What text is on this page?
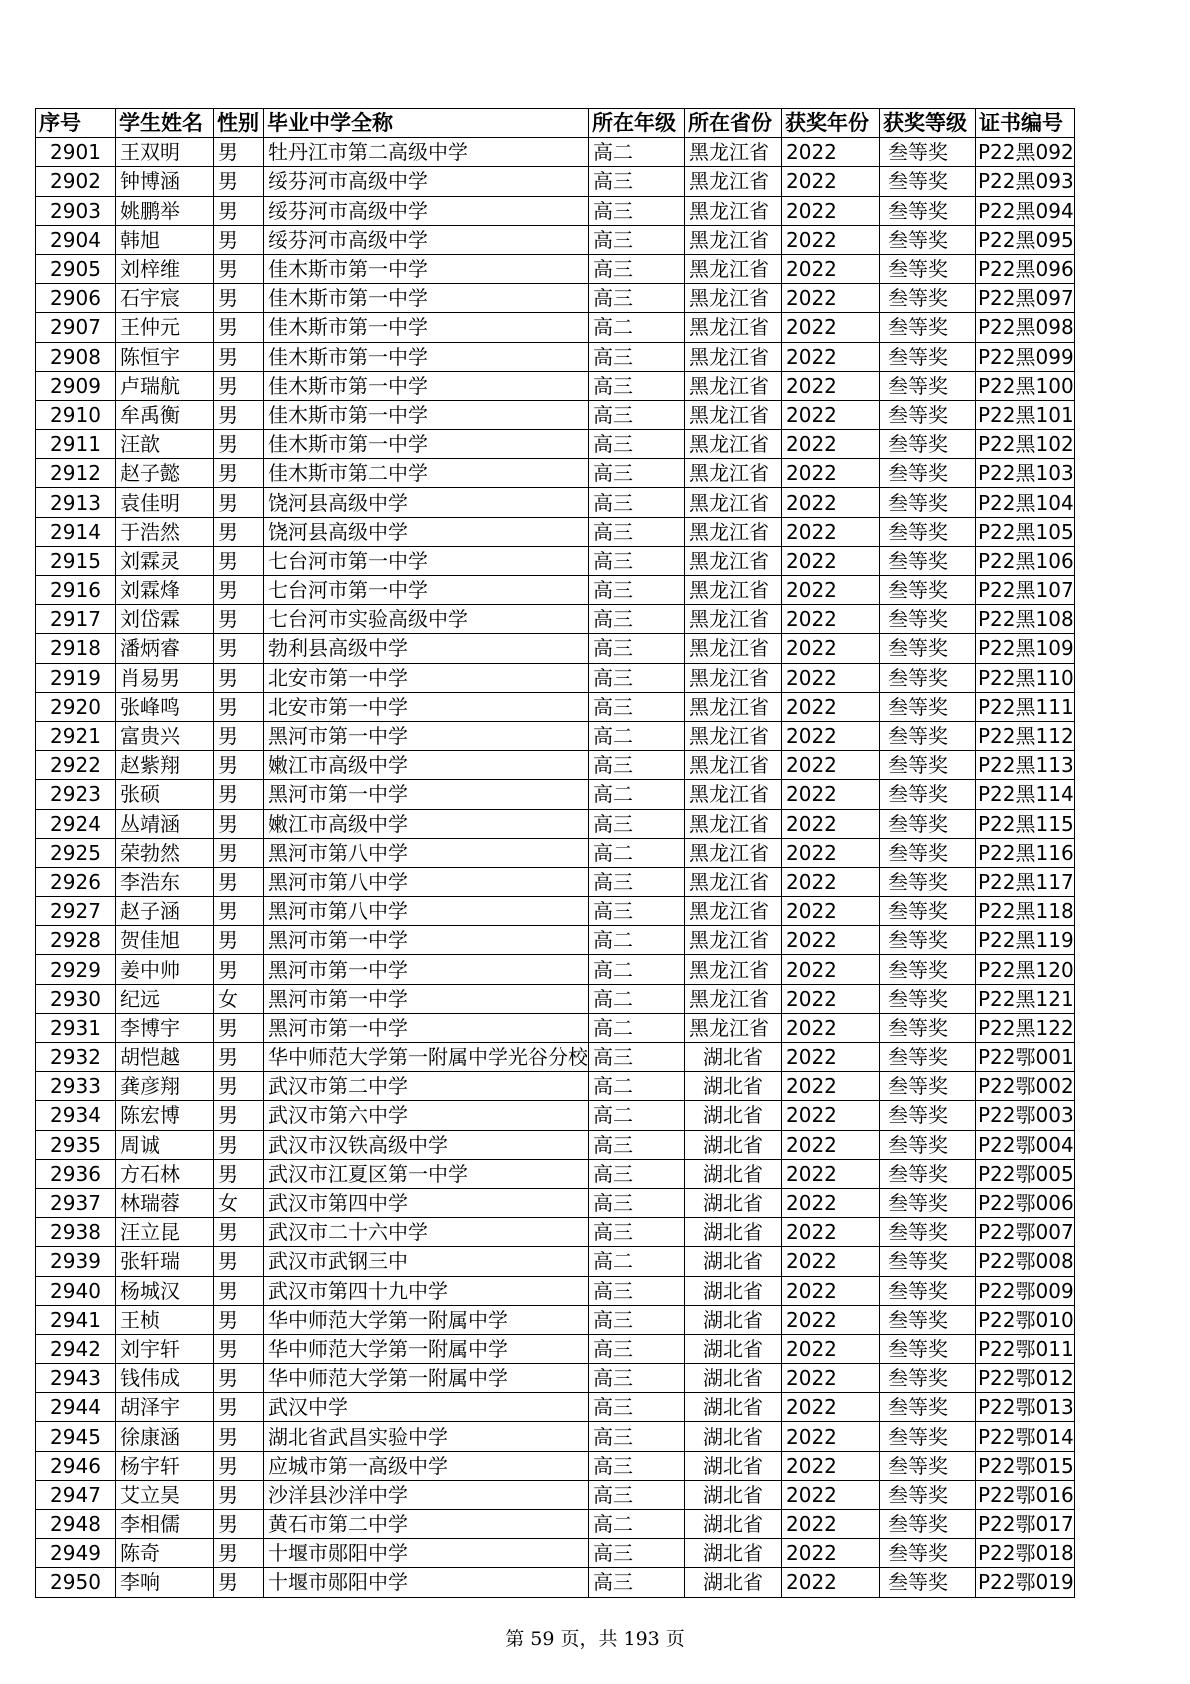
序号	学生姓名	性别	毕业中学全称	所在年级	所在省份	获奖年份	获奖等级	证书编号
2901	王双明	男	牡丹江市第二高级中学	高二	黑龙江省	2022	叁等奖	P22黑092
2902	钟博涵	男	绥芬河市高级中学	高三	黑龙江省	2022	叁等奖	P22黑093
2903	姚鹏举	男	绥芬河市高级中学	高三	黑龙江省	2022	叁等奖	P22黑094
2904	韩旭	男	绥芬河市高级中学	高三	黑龙江省	2022	叁等奖	P22黑095
2905	刘梓维	男	佳木斯市第一中学	高三	黑龙江省	2022	叁等奖	P22黑096
2906	石宇宸	男	佳木斯市第一中学	高三	黑龙江省	2022	叁等奖	P22黑097
2907	王仲元	男	佳木斯市第一中学	高二	黑龙江省	2022	叁等奖	P22黑098
2908	陈恒宇	男	佳木斯市第一中学	高三	黑龙江省	2022	叁等奖	P22黑099
2909	卢瑞航	男	佳木斯市第一中学	高三	黑龙江省	2022	叁等奖	P22黑100
2910	牟禹衡	男	佳木斯市第一中学	高三	黑龙江省	2022	叁等奖	P22黑101
2911	汪歆	男	佳木斯市第一中学	高三	黑龙江省	2022	叁等奖	P22黑102
2912	赵子懿	男	佳木斯市第二中学	高三	黑龙江省	2022	叁等奖	P22黑103
2913	袁佳明	男	饶河县高级中学	高三	黑龙江省	2022	叁等奖	P22黑104
2914	于浩然	男	饶河县高级中学	高三	黑龙江省	2022	叁等奖	P22黑105
2915	刘霖灵	男	七台河市第一中学	高三	黑龙江省	2022	叁等奖	P22黑106
2916	刘霖烽	男	七台河市第一中学	高三	黑龙江省	2022	叁等奖	P22黑107
2917	刘岱霖	男	七台河市实验高级中学	高三	黑龙江省	2022	叁等奖	P22黑108
2918	潘炳睿	男	勃利县高级中学	高三	黑龙江省	2022	叁等奖	P22黑109
2919	肖易男	男	北安市第一中学	高三	黑龙江省	2022	叁等奖	P22黑110
2920	张峰鸣	男	北安市第一中学	高三	黑龙江省	2022	叁等奖	P22黑111
2921	富贵兴	男	黑河市第一中学	高二	黑龙江省	2022	叁等奖	P22黑112
2922	赵紫翔	男	嫩江市高级中学	高三	黑龙江省	2022	叁等奖	P22黑113
2923	张硕	男	黑河市第一中学	高二	黑龙江省	2022	叁等奖	P22黑114
2924	丛靖涵	男	嫩江市高级中学	高三	黑龙江省	2022	叁等奖	P22黑115
2925	荣勃然	男	黑河市第八中学	高二	黑龙江省	2022	叁等奖	P22黑116
2926	李浩东	男	黑河市第八中学	高三	黑龙江省	2022	叁等奖	P22黑117
2927	赵子涵	男	黑河市第八中学	高三	黑龙江省	2022	叁等奖	P22黑118
2928	贺佳旭	男	黑河市第一中学	高二	黑龙江省	2022	叁等奖	P22黑119
2929	姜中帅	男	黑河市第一中学	高二	黑龙江省	2022	叁等奖	P22黑120
2930	纪远	女	黑河市第一中学	高二	黑龙江省	2022	叁等奖	P22黑121
2931	李博宇	男	黑河市第一中学	高二	黑龙江省	2022	叁等奖	P22黑122
2932	胡恺越	男	华中师范大学第一附属中学光谷分校	高三	湖北省	2022	叁等奖	P22鄂001
2933	龚彦翔	男	武汉市第二中学	高二	湖北省	2022	叁等奖	P22鄂002
2934	陈宏博	男	武汉市第六中学	高二	湖北省	2022	叁等奖	P22鄂003
2935	周诚	男	武汉市汉铁高级中学	高三	湖北省	2022	叁等奖	P22鄂004
2936	方石林	男	武汉市江夏区第一中学	高三	湖北省	2022	叁等奖	P22鄂005
2937	林瑞蓉	女	武汉市第四中学	高三	湖北省	2022	叁等奖	P22鄂006
2938	汪立昆	男	武汉市二十六中学	高三	湖北省	2022	叁等奖	P22鄂007
2939	张轩瑞	男	武汉市武钢三中	高二	湖北省	2022	叁等奖	P22鄂008
2940	杨城汉	男	武汉市第四十九中学	高三	湖北省	2022	叁等奖	P22鄂009
2941	王桢	男	华中师范大学第一附属中学	高三	湖北省	2022	叁等奖	P22鄂010
2942	刘宇轩	男	华中师范大学第一附属中学	高三	湖北省	2022	叁等奖	P22鄂011
2943	钱伟成	男	华中师范大学第一附属中学	高三	湖北省	2022	叁等奖	P22鄂012
2944	胡泽宇	男	武汉中学	高三	湖北省	2022	叁等奖	P22鄂013
2945	徐康涵	男	湖北省武昌实验中学	高三	湖北省	2022	叁等奖	P22鄂014
2946	杨宇轩	男	应城市第一高级中学	高三	湖北省	2022	叁等奖	P22鄂015
2947	艾立昊	男	沙洋县沙洋中学	高三	湖北省	2022	叁等奖	P22鄂016
2948	李相儒	男	黄石市第二中学	高二	湖北省	2022	叁等奖	P22鄂017
2949	陈奇	男	十堰市郧阳中学	高三	湖北省	2022	叁等奖	P22鄂018
2950	李响	男	十堰市郧阳中学	高三	湖北省	2022	叁等奖	P22鄂019
第 59 页，共 193 页
